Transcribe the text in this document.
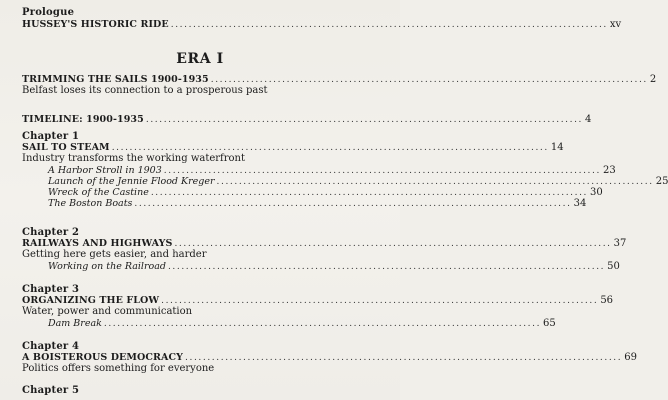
Prologue
HUSSEY'S HISTORIC RIDE .................................................................................................. xv
ERA I
TRIMMING THE SAILS 1900-1935 .................................................................................................. 2
Belfast loses its connection to a prosperous past
TIMELINE: 1900-1935 .................................................................................................. 4
Chapter 1
SAIL TO STEAM .................................................................................................. 14
Industry transforms the working waterfront
A Harbor Stroll in 1903 .................................................................................................. 23
Launch of the Jennie Flood Kreger .................................................................................................. 25
Wreck of the Castine .................................................................................................. 30
The Boston Boats .................................................................................................. 34
Chapter 2
RAILWAYS AND HIGHWAYS .................................................................................................. 37
Getting here gets easier, and harder
Working on the Railroad .................................................................................................. 50
Chapter 3
ORGANIZING THE FLOW .................................................................................................. 56
Water, power and communication
Dam Break .................................................................................................. 65
Chapter 4
A BOISTEROUS DEMOCRACY .................................................................................................. 69
Politics offers something for everyone
Chapter 5
